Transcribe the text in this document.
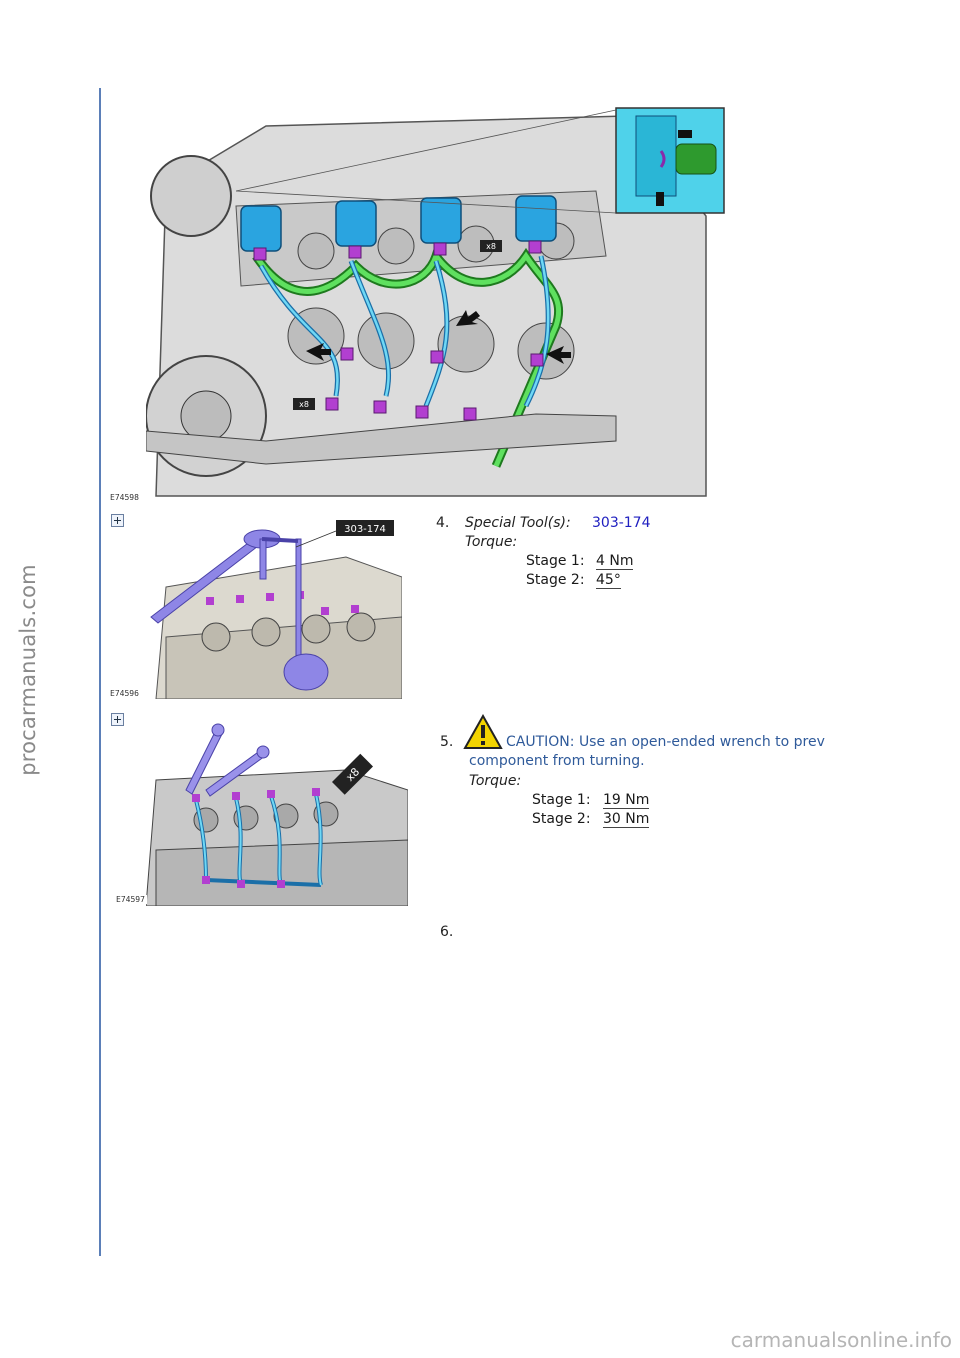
procarmanuals.com
x8
x8
E74598
303-174
E74596
4. Special Tool(s): 303-174
Torque:
Stage 1: 4 Nm
Stage 2: 45°
x8
E74597
5.	CAUTION: Use an open-ended wrench to prev
component from turning.
Torque:
Stage 1: 19 Nm
Stage 2: 30 Nm
6.
carmanualsonline.info
